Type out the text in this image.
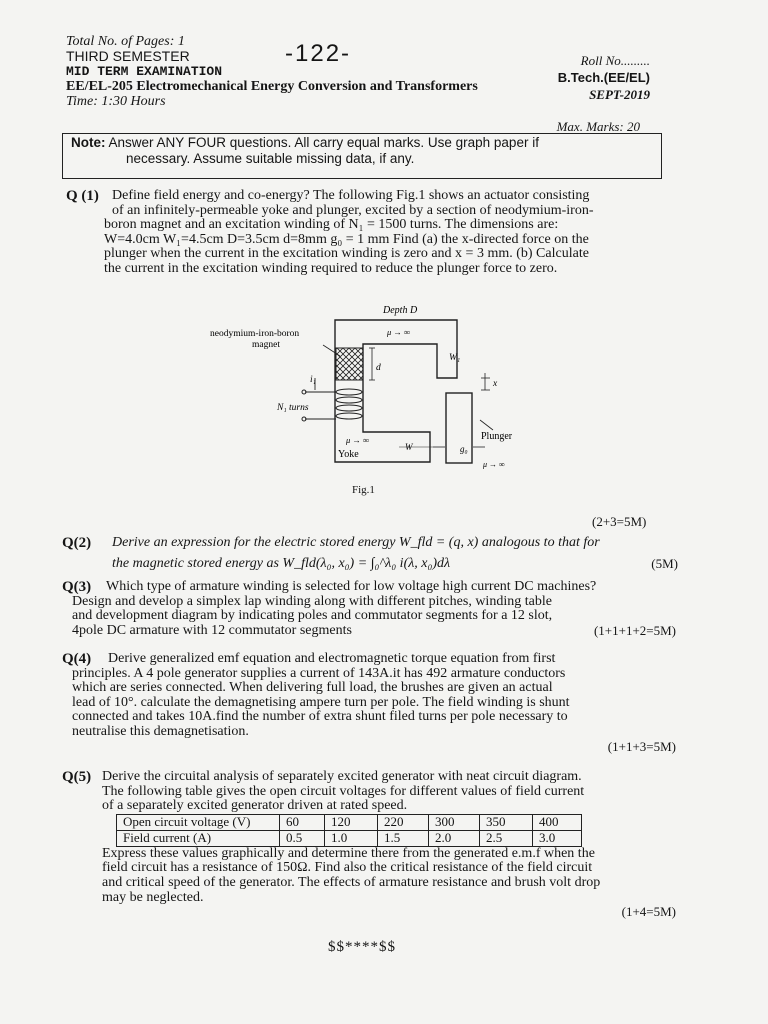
Total No. of Pages: 1
THIRD SEMESTER
MID TERM EXAMINATION
EE/EL-205 Electromechanical Energy Conversion and Transformers
Time: 1:30 Hours
-122-	Roll No.........
B.Tech.(EE/EL)
SEPT-2019
Max. Marks: 20
Note: Answer ANY FOUR questions. All carry equal marks. Use graph paper if
necessary. Assume suitable missing data, if any.
Q (1) Define field energy and co-energy? The following Fig.1 shows an actuator consisting
of an infinitely-permeable yoke and plunger, excited by a section of neodymium-iron-
boron magnet and an excitation winding of N₁ = 1500 turns. The dimensions are:
W=4.0cm W₁=4.5cm D=3.5cm d=8mm g₀ = 1 mm Find (a) the x-directed force on the
plunger when the current in the excitation winding is zero and x = 3 mm. (b) Calculate
the current in the excitation winding required to reduce the plunger force to zero.
Depth D
neodymium-iron-boron
magnet
N₁ turns
i₁
d
W₁
x
μ → ∞
μ → ∞
W	g₀
Yoke
Plunger
μ → ∞
Fig.1
(2+3=5M)
Q(2)	Derive an expression for the electric stored energy W_fld = (q, x) analogous to that for
the magnetic stored energy as W_fld(λ₀, x₀) = ∫₀^λ₀ i(λ, x₀)dλ	(5M)
Q(3)	Which type of armature winding is selected for low voltage high current DC machines?
Design and develop a simplex lap winding along with different pitches, winding table
and development diagram by indicating poles and commutator segments for a 12 slot,
4pole DC armature with 12 commutator segments	(1+1+1+2=5M)
Q(4)	Derive generalized emf equation and electromagnetic torque equation from first
principles. A 4 pole generator supplies a current of 143A.it has 492 armature conductors
which are series connected. When delivering full load, the brushes are given an actual
lead of 10°. calculate the demagnetising ampere turn per pole. The field winding is shunt
connected and takes 10A.find the number of extra shunt filed turns per pole necessary to
neutralise this demagnetisation.
(1+1+3=5M)
Q(5) Derive the circuital analysis of separately excited generator with neat circuit diagram.
The following table gives the open circuit voltages for different values of field current
of a separately excited generator driven at rated speed.
Open circuit voltage (V)	60	120	220	300	350	400
Field current (A)	0.5	1.0	1.5	2.0	2.5	3.0
Express these values graphically and determine there from the generated e.m.f when the
field circuit has a resistance of 150Ω. Find also the critical resistance of the field circuit
and critical speed of the generator. The effects of armature resistance and brush volt drop
may be neglected.
(1+4=5M)
$$****$$
